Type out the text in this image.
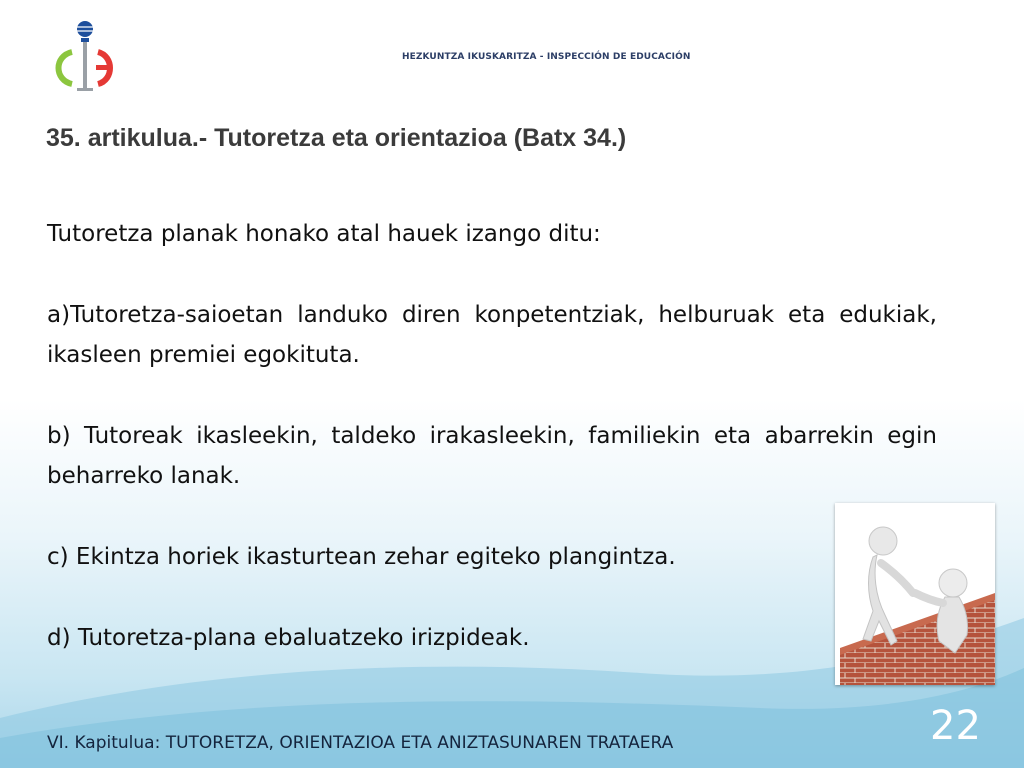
HEZKUNTZA IKUSKARITZA - INSPECCIÓN DE EDUCACIÓN
35. artikulua.- Tutoretza eta orientazioa (Batx 34.)

Tutoretza planak honako atal hauek izango ditu:

a)Tutoretza-saioetan landuko diren konpetentziak, helburuak eta edukiak, ikasleen premiei egokituta.

b) Tutoreak ikasleekin, taldeko irakasleekin, familiekin eta abarrekin egin beharreko lanak.

c) Ekintza horiek ikasturtean zehar egiteko plangintza.

d) Tutoretza-plana ebaluatzeko irizpideak.

VI. Kapitulua: TUTORETZA, ORIENTAZIOA ETA ANIZTASUNAREN TRATAERA	22
